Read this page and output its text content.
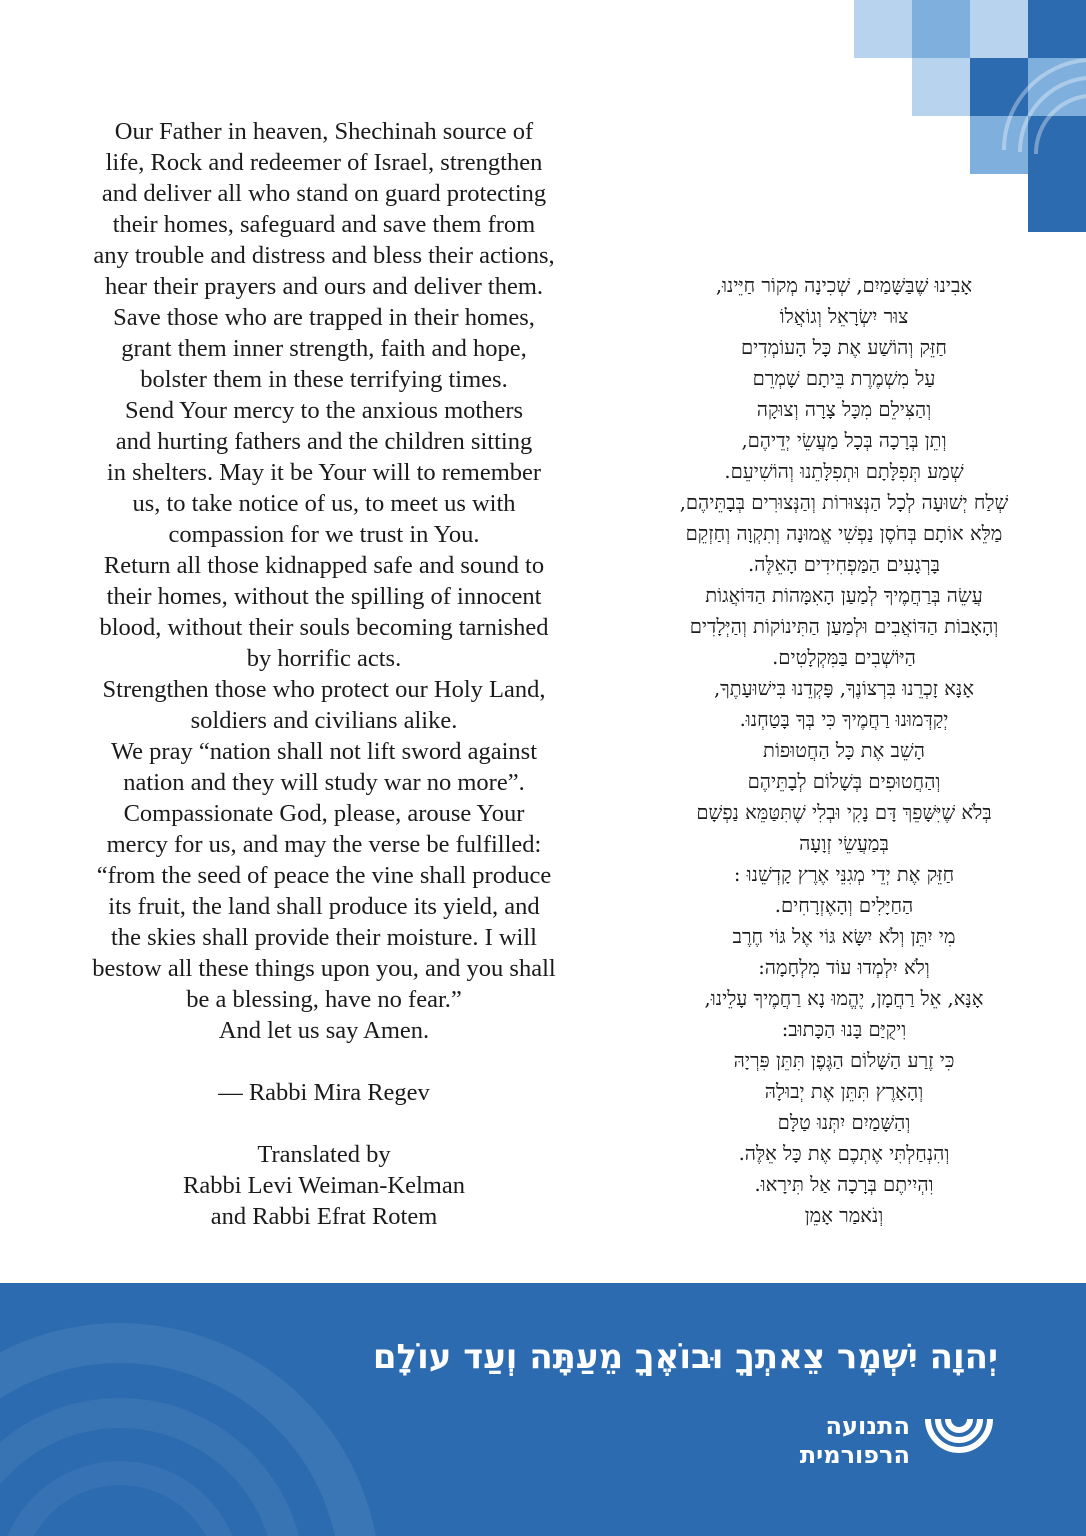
Our Father in heaven, Shechinah source of
life, Rock and redeemer of Israel, strengthen
and deliver all who stand on guard protecting
their homes, safeguard and save them from
any trouble and distress and bless their actions,
hear their prayers and ours and deliver them.
Save those who are trapped in their homes,
grant them inner strength, faith and hope,
bolster them in these terrifying times.
Send Your mercy to the anxious mothers
and hurting fathers and the children sitting
in shelters. May it be Your will to remember
us, to take notice of us, to meet us with
compassion for we trust in You.
Return all those kidnapped safe and sound to
their homes, without the spilling of innocent
blood, without their souls becoming tarnished
by horrific acts.
Strengthen those who protect our Holy Land,
soldiers and civilians alike.
We pray “nation shall not lift sword against
nation and they will study war no more”.
Compassionate God, please, arouse Your
mercy for us, and may the verse be fulfilled:
“from the seed of peace the vine shall produce
its fruit, the land shall produce its yield, and
the skies shall provide their moisture. I will
bestow all these things upon you, and you shall
be a blessing, have no fear.”
And let us say Amen.
— Rabbi Mira Regev
Translated by
Rabbi Levi Weiman-Kelman
and Rabbi Efrat Rotem
אָבִינוּ שֶׁבַּשָּׁמַיִם, שְׁכִינָה מְקוֹר חַיֵּינוּ,
צוּר יִשְׂרָאֵל וְגוֹאֲלוֹ
חַזֵּק וְהוֹשַׁע אֶת כָּל הָעוֹמְדִים
עַל מִשְׁמֶרֶת בֵּיתָם שָׁמְרֵם
וְהַצִּילֵם מִכָּל צָרָה וְצוּקָה
וְתֵן בְּרָכָה בְּכָל מַעֲשֵׂי יְדֵיהֶם,
שְׁמַע תְּפִלָּתָם וּתְפִלָּתֵנוּ וְהוֹשִׁיעֵם.
שְׁלַח יְשׁוּעָה לְכָל הַנְּצוּרוֹת וְהַנְּצוּרִים בְּבָתֵּיהֶם,
מַלֵּא אוֹתָם בְּחֹסֶן נַפְשִׁי אֱמוּנָה וְתִקְוָה וְחַזְקֵם
בָּרְגָעִים הַמַּפְחִידִים הָאֵלֶּה.
עֲשֵׂה בְּרַחֲמֶיךָ לְמַעַן הָאִמָּהוֹת הַדּוֹאֲגוֹת
וְהָאָבוֹת הַדּוֹאֲבִים וּלְמַעַן הַתִּינוֹקוֹת וְהַיְּלָדִים
הַיּוֹשְׁבִים בַּמִּקְלָטִים.
אָנָּא זָכְרֵנוּ בִּרְצוֹנֶךָ, פָּקְדֵנוּ בִּישׁוּעָתֶךָ,
יְקַדְּמוּנוּ רַחֲמֶיךָ כִּי בְּךָ בָּטַחְנוּ.
הָשֵׁב אֶת כָּל הַחֲטוּפוֹת
וְהַחֲטוּפִים בְּשָׁלוֹם לְבָתֵּיהֶם
בְּלֹא שֶׁיִּשָּׁפֵךְ דָּם נָקִי וּבְלִי שֶׁתִּטַּמֵּא נַפְשָׁם
בְּמַעֲשֵׂי זְוָעָה
חַזֵּק אֶת יְדֵי מְגִנֵּי אֶרֶץ קָדְשֵׁנוּ :
הַחַיָּלִים וְהָאֶזְרָחִים.
מִי יִתֵּן וְלֹא יִשָּׂא גּוֹי אֶל גּוֹי חֶרֶב
וְלֹא יִלְמְדוּ עוֹד מִלְחָמָה:
אָנָּא, אֵל רַחֲמָן, יֶהֱמוּ נָא רַחֲמֶיךָ עָלֵינוּ,
וִיקֻיַּם בָּנוּ הַכָּתוּב:
כִּי זֶרַע הַשָּׁלוֹם הַגֶּפֶן תִּתֵּן פִּרְיָהּ
וְהָאָרֶץ תִּתֵּן אֶת יְבוּלָהּ
וְהַשָּׁמַיִם יִתְּנוּ טַלָּם
וְהִנְחַלְתִּי אֶתְכֶם אֶת כָּל אֵלֶּה.
וִהְיִיתֶם בְּרָכָה אַל תִּירָאוּ.
וְנֹאמַר אָמֵן
יְהוָה יִשְׁמָר צֵאתְךָ וּבוֹאֶךָ מֵעַתָּה וְעַד עוֹלָם
התנועה
הרפורמית
